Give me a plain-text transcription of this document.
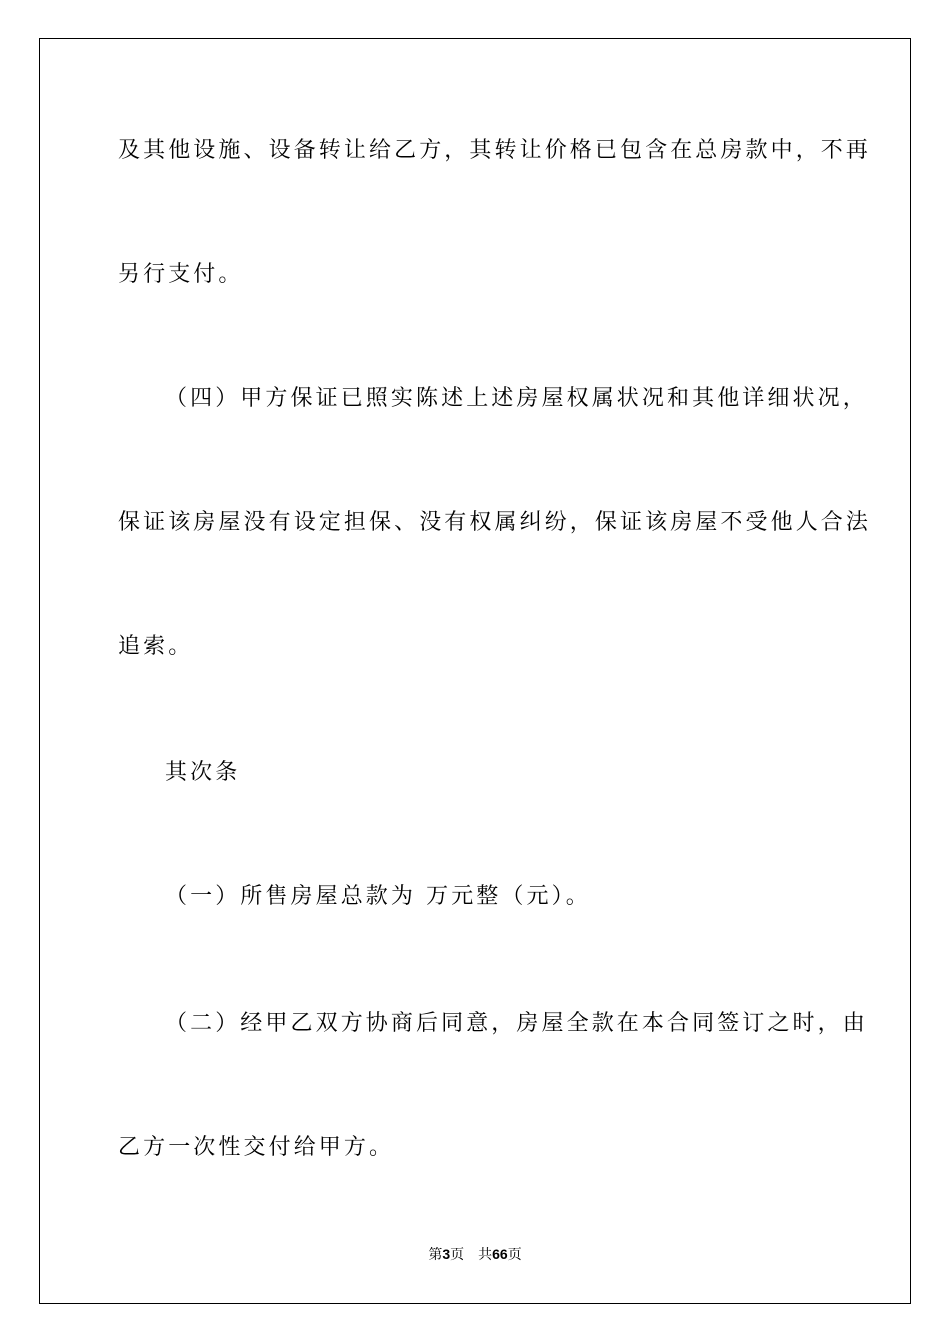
及其他设施、设备转让给乙方，其转让价格已包含在总房款中，不再
另行支付。
（四）甲方保证已照实陈述上述房屋权属状况和其他详细状况，
保证该房屋没有设定担保、没有权属纠纷，保证该房屋不受他人合法
追索。
其次条
（一）所售房屋总款为 万元整（元）。
（二）经甲乙双方协商后同意，房屋全款在本合同签订之时，由
乙方一次性交付给甲方。
第3页 共66页
